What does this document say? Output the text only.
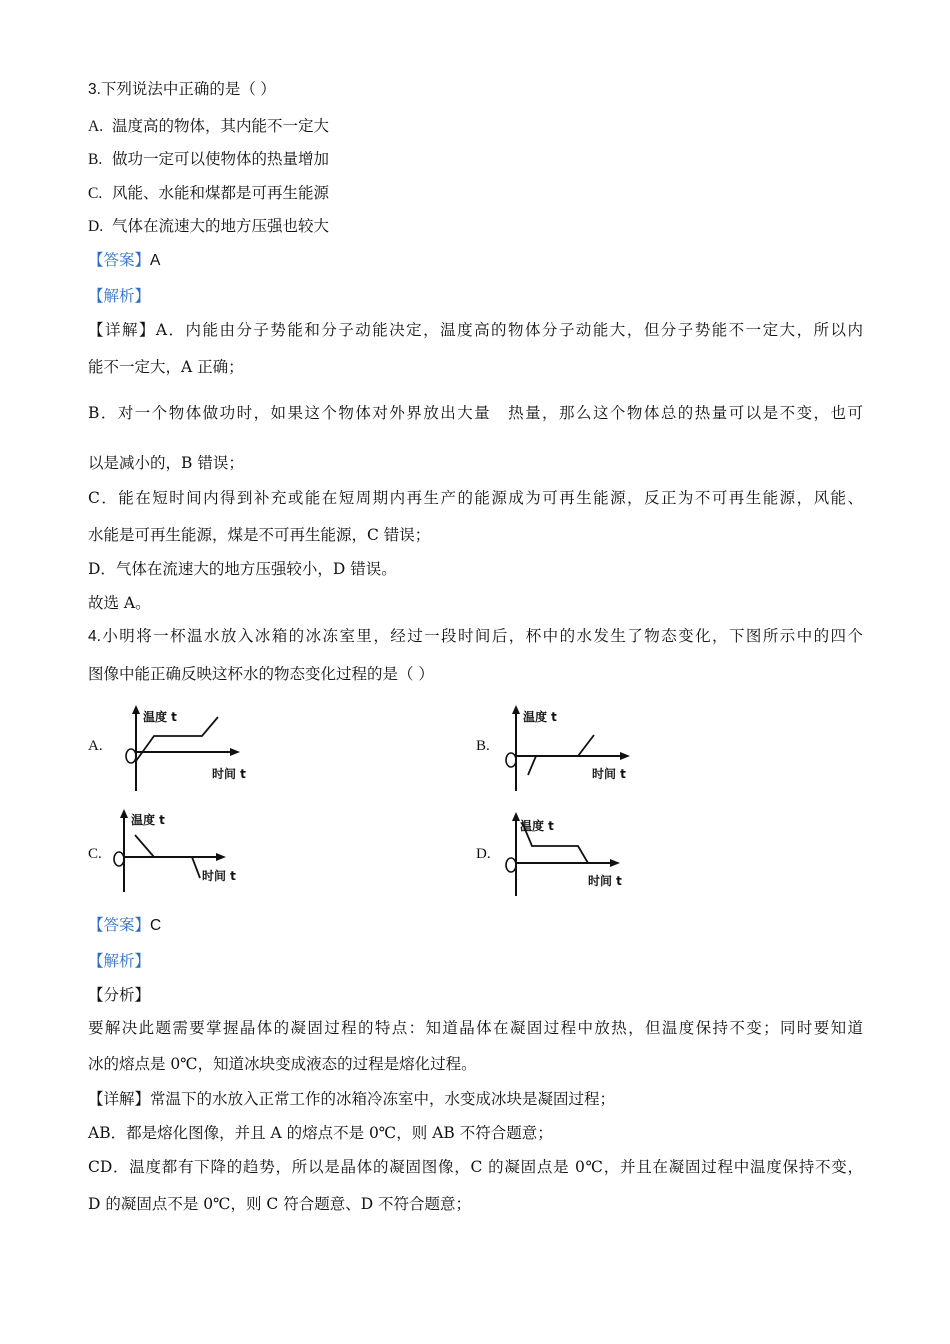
3.下列说法中正确的是（ ）
A. 温度高的物体，其内能不一定大
B. 做功一定可以使物体的热量增加
C. 风能、水能和煤都是可再生能源
D. 气体在流速大的地方压强也较大
【答案】A
【解析】
【详解】A．内能由分子势能和分子动能决定，温度高的物体分子动能大，但分子势能不一定大，所以内
能不一定大，A 正确；
B．对一个物体做功时，如果这个物体对外界放出大量　热量，那么这个物体总的热量可以是不变，也可
以是减小的，B 错误；
C．能在短时间内得到补充或能在短周期内再生产的能源成为可再生能源，反正为不可再生能源，风能、
水能是可再生能源，煤是不可再生能源，C 错误；
D．气体在流速大的地方压强较小，D 错误。
故选 A。
4.小明将一杯温水放入冰箱的冰冻室里，经过一段时间后，杯中的水发生了物态变化，下图所示中的四个
图像中能正确反映这杯水的物态变化过程的是（ ）
A.
温度 t
时间 t
B.
温度 t
时间 t
C.
温度 t
时间 t
D.
温度 t
时间 t
【答案】C
【解析】
【分析】
要解决此题需要掌握晶体的凝固过程的特点：知道晶体在凝固过程中放热，但温度保持不变；同时要知道
冰的熔点是 0℃，知道冰块变成液态的过程是熔化过程。
【详解】常温下的水放入正常工作的冰箱冷冻室中，水变成冰块是凝固过程；
AB．都是熔化图像，并且 A 的熔点不是 0℃，则 AB 不符合题意；
CD．温度都有下降的趋势，所以是晶体的凝固图像，C 的凝固点是 0℃，并且在凝固过程中温度保持不变，
D 的凝固点不是 0℃，则 C 符合题意、D 不符合题意；
